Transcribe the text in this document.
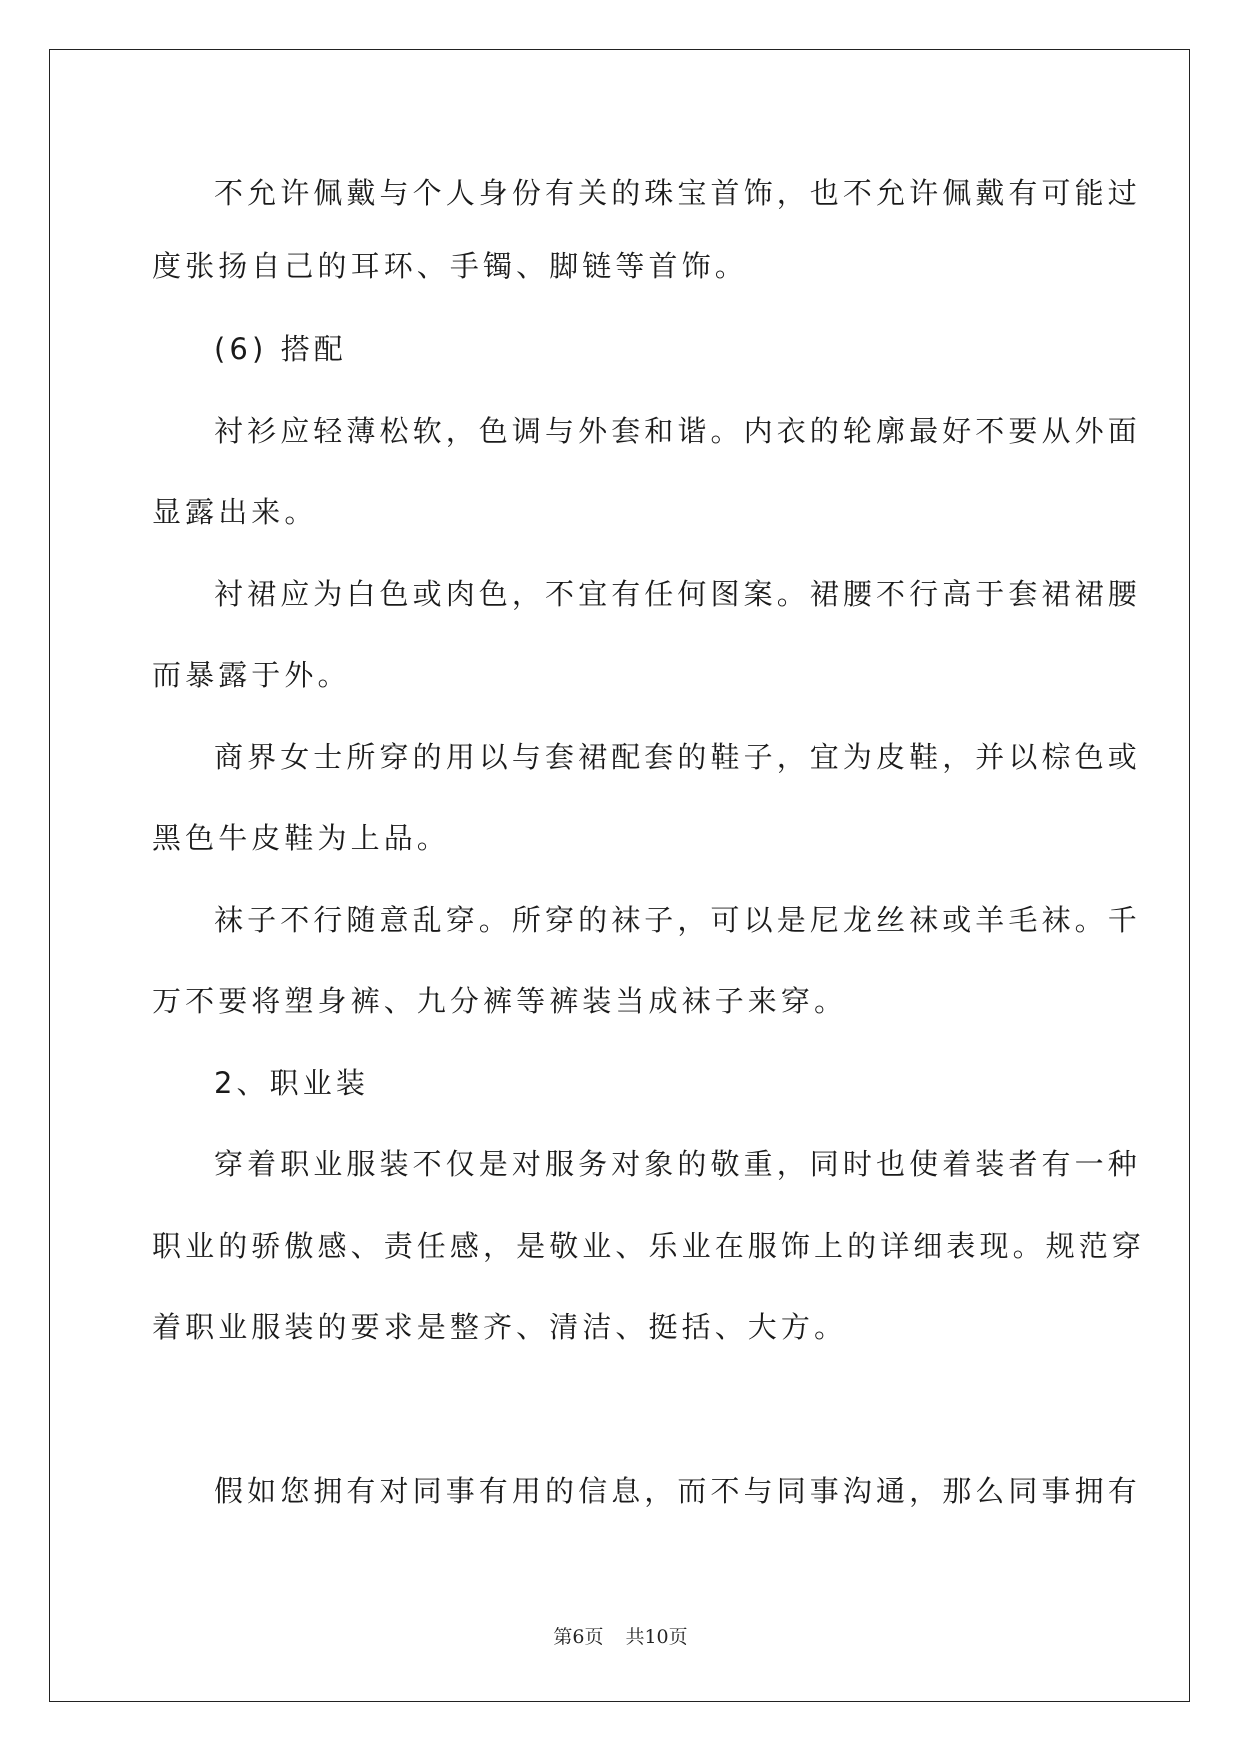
不允许佩戴与个人身份有关的珠宝首饰，也不允许佩戴有可能过
度张扬自己的耳环、手镯、脚链等首饰。
(6) 搭配
衬衫应轻薄松软，色调与外套和谐。内衣的轮廓最好不要从外面
显露出来。
衬裙应为白色或肉色，不宜有任何图案。裙腰不行高于套裙裙腰
而暴露于外。
商界女士所穿的用以与套裙配套的鞋子，宜为皮鞋，并以棕色或
黑色牛皮鞋为上品。
袜子不行随意乱穿。所穿的袜子，可以是尼龙丝袜或羊毛袜。千
万不要将塑身裤、九分裤等裤装当成袜子来穿。
2、职业装
穿着职业服装不仅是对服务对象的敬重，同时也使着装者有一种
职业的骄傲感、责任感，是敬业、乐业在服饰上的详细表现。规范穿
着职业服装的要求是整齐、清洁、挺括、大方。
假如您拥有对同事有用的信息，而不与同事沟通，那么同事拥有
第6页 共10页
